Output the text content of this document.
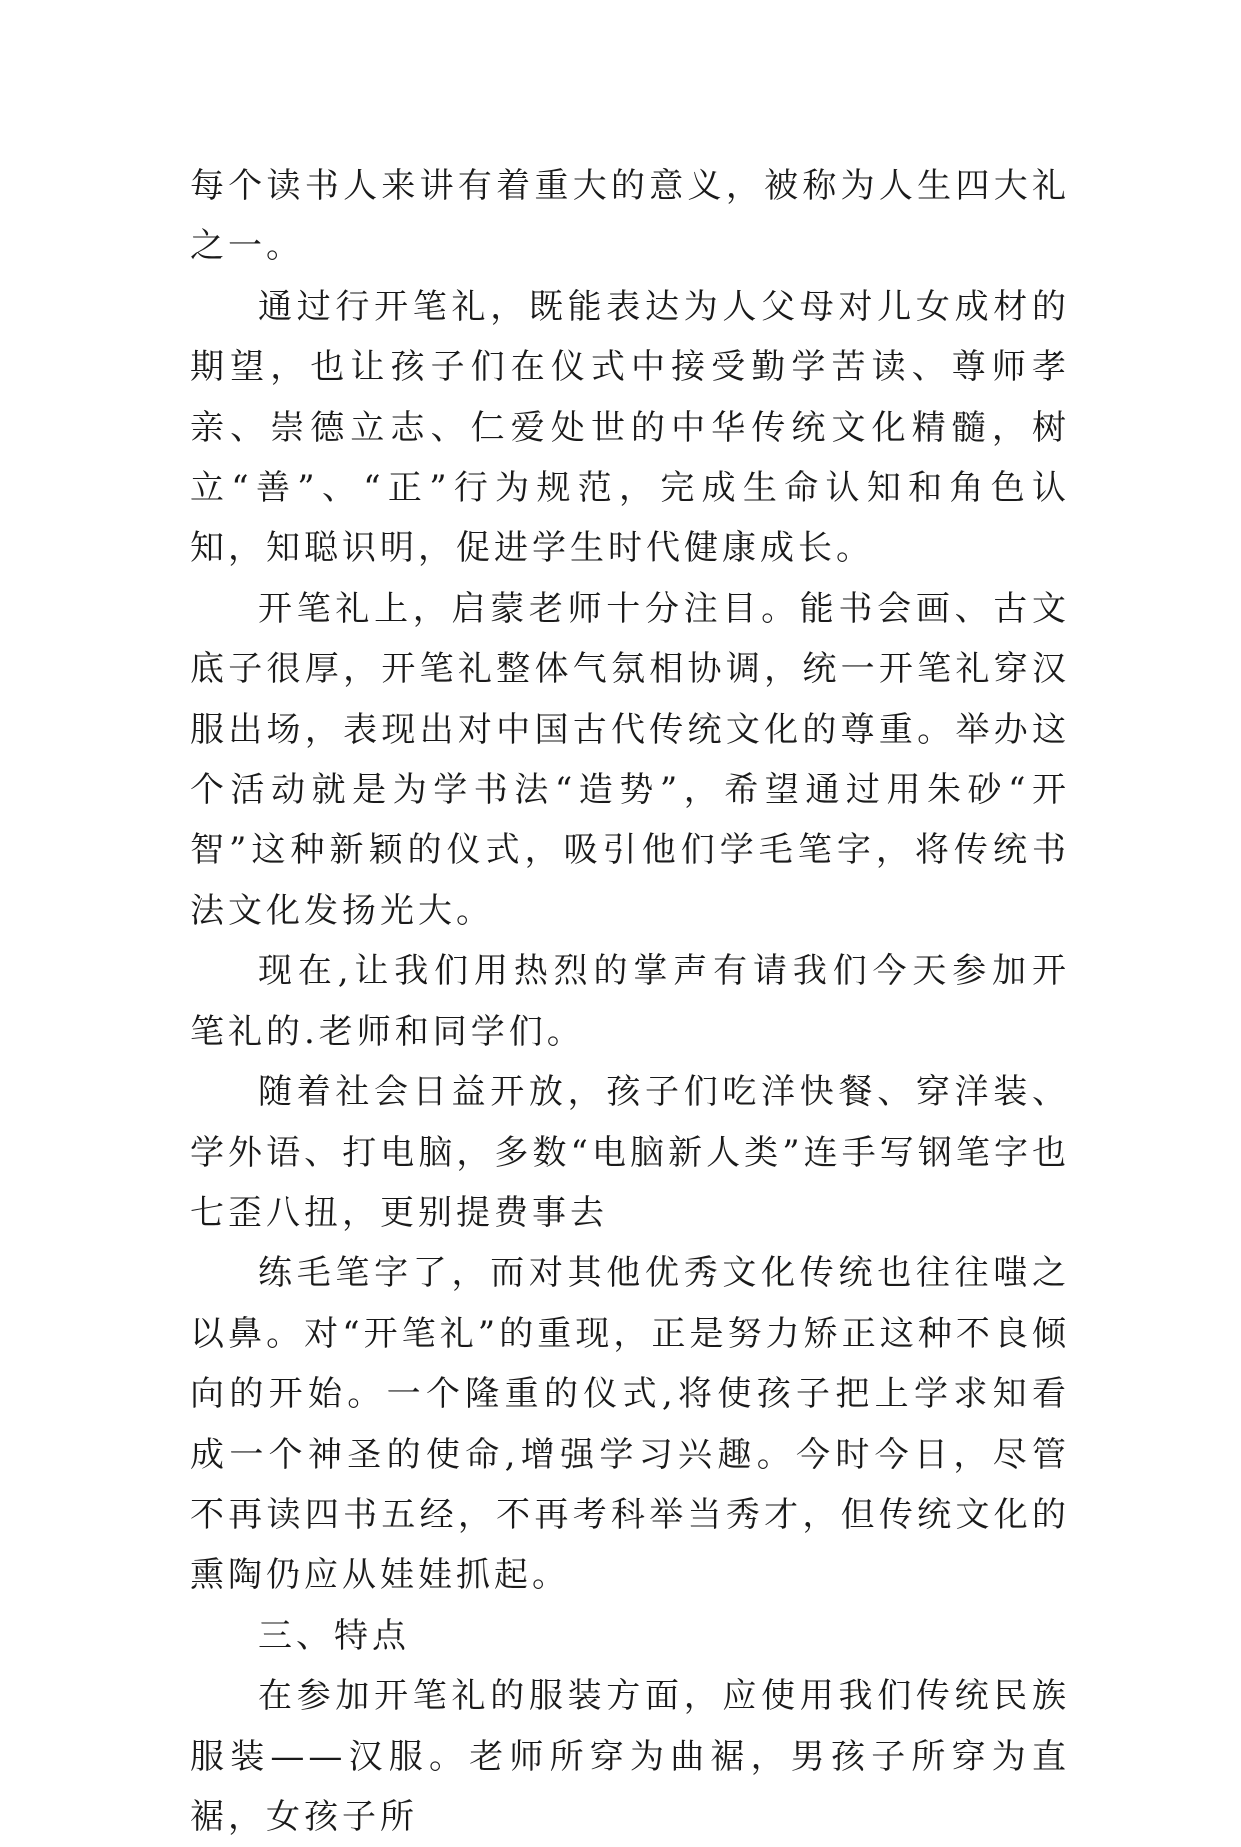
每个读书人来讲有着重大的意义，被称为人生四大礼之一。

通过行开笔礼，既能表达为人父母对儿女成材的期望，也让孩子们在仪式中接受勤学苦读、尊师孝亲、崇德立志、仁爱处世的中华传统文化精髓，树立“善”、“正”行为规范，完成生命认知和角色认知，知聪识明，促进学生时代健康成长。

开笔礼上，启蒙老师十分注目。能书会画、古文底子很厚，开笔礼整体气氛相协调，统一开笔礼穿汉服出场，表现出对中国古代传统文化的尊重。举办这个活动就是为学书法“造势”，希望通过用朱砂“开智”这种新颖的仪式，吸引他们学毛笔字，将传统书法文化发扬光大。

现在,让我们用热烈的掌声有请我们今天参加开笔礼的.老师和同学们。

随着社会日益开放，孩子们吃洋快餐、穿洋装、学外语、打电脑，多数“电脑新人类”连手写钢笔字也七歪八扭，更别提费事去

练毛笔字了，而对其他优秀文化传统也往往嗤之以鼻。对“开笔礼”的重现，正是努力矫正这种不良倾向的开始。一个隆重的仪式,将使孩子把上学求知看成一个神圣的使命,增强学习兴趣。今时今日，尽管不再读四书五经，不再考科举当秀才，但传统文化的熏陶仍应从娃娃抓起。

三、特点

在参加开笔礼的服装方面，应使用我们传统民族服装——汉服。老师所穿为曲裾，男孩子所穿为直裾，女孩子所
